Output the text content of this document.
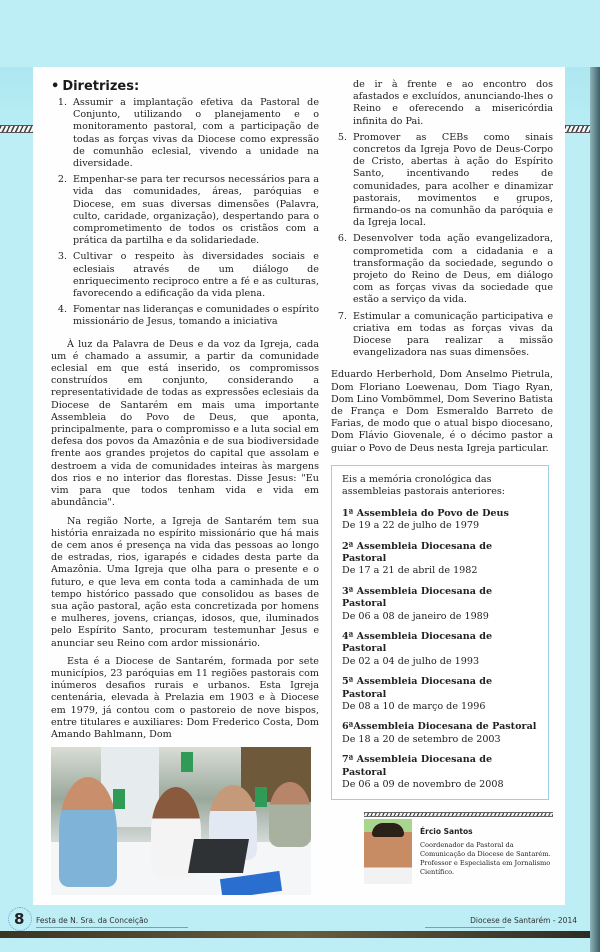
• Diretrizes:
1. Assumir a implantação efetiva da Pastoral de Conjunto, utilizando o planejamento e o monitoramento pastoral, com a participação de todas as forças vivas da Diocese como expressão de comunhão eclesial, vivendo a unidade na diversidade.
2. Empenhar-se para ter recursos necessários para a vida das comunidades, áreas, paróquias e Diocese, em suas diversas dimensões (Palavra, culto, caridade, organização), despertando para o comprometimento de todos os cristãos com a prática da partilha e da solidariedade.
3. Cultivar o respeito às diversidades sociais e eclesiais através de um diálogo de enriquecimento reciproco entre a fé e as culturas, favorecendo a edificação da vida plena.
4. Fomentar nas lideranças e comunidades o espírito missionário de Jesus, tomando a iniciativa

À luz da Palavra de Deus e da voz da Igreja, cada um é chamado a assumir, a partir da comunidade eclesial em que está inserido, os compromissos construídos em conjunto, considerando a representatividade de todas as expressões eclesiais da Diocese de Santarém em mais uma importante Assembleia do Povo de Deus, que aponta, principalmente, para o compromisso e a luta social em defesa dos povos da Amazônia e de sua biodiversidade frente aos grandes projetos do capital que assolam e destroem a vida de comunidades inteiras às margens dos rios e no interior das florestas. Disse Jesus: "Eu vim para que todos tenham vida e vida em abundância".

Na região Norte, a Igreja de Santarém tem sua história enraizada no espírito missionário que há mais de cem anos é presença na vida das pessoas ao longo de estradas, rios, igarapés e cidades desta parte da Amazônia. Uma Igreja que olha para o presente e o futuro, e que leva em conta toda a caminhada de um tempo histórico passado que consolidou as bases de sua ação pastoral, ação esta concretizada por homens e mulheres, jovens, crianças, idosos, que, iluminados pelo Espírito Santo, procuram testemunhar Jesus e anunciar seu Reino com ardor missionário.

Esta é a Diocese de Santarém, formada por sete municípios, 23 paróquias em 11 regiões pastorais com inúmeros desafios rurais e urbanos. Esta Igreja centenária, elevada à Prelazia em 1903 e à Diocese em 1979, já contou com o pastoreio de nove bispos, entre titulares e auxiliares: Dom Frederico Costa, Dom Amando Bahlmann, Dom

de ir à frente e ao encontro dos afastados e excluídos, anunciando-lhes o Reino e oferecendo a misericórdia infinita do Pai.
5. Promover as CEBs como sinais concretos da Igreja Povo de Deus-Corpo de Cristo, abertas à ação do Espírito Santo, incentivando redes de comunidades, para acolher e dinamizar pastorais, movimentos e grupos, firmando-os na comunhão da paróquia e da Igreja local.
6. Desenvolver toda ação evangelizadora, comprometida com a cidadania e a transformação da sociedade, segundo o projeto do Reino de Deus, em diálogo com as forças vivas da sociedade que estão a serviço da vida.
7. Estimular a comunicação participativa e criativa em todas as forças vivas da Diocese para realizar a missão evangelizadora nas suas dimensões.

Eduardo Herberhold, Dom Anselmo Pietrula, Dom Floriano Loewenau, Dom Tiago Ryan, Dom Lino Vombömmel, Dom Severino Batista de França e Dom Esmeraldo Barreto de Farias, de modo que o atual bispo diocesano, Dom Flávio Giovenale, é o décimo pastor a guiar o Povo de Deus nesta Igreja particular.

Eis a memória cronológica das assembleias pastorais anteriores:
1ª Assembleia do Povo de Deus
De 19 a 22 de julho de 1979
2ª Assembleia Diocesana de Pastoral
De 17 a 21 de abril de 1982
3ª Assembleia Diocesana de Pastoral
De 06 a 08 de janeiro de 1989
4ª Assembleia Diocesana de Pastoral
De 02 a 04 de julho de 1993
5ª Assembleia Diocesana de Pastoral
De 08 a 10 de março de 1996
6ªAssembleia Diocesana de Pastoral
De 18 a 20 de setembro de 2003
7ª Assembleia Diocesana de Pastoral
De 06 a 09 de novembro de 2008
Ércio Santos
Coordenador da Pastoral da Comunicação da Diocese de Santarém. Professor e Especialista em Jornalismo Científico.
8 Festa de N. Sra. da Conceição	Diocese de Santarém - 2014
